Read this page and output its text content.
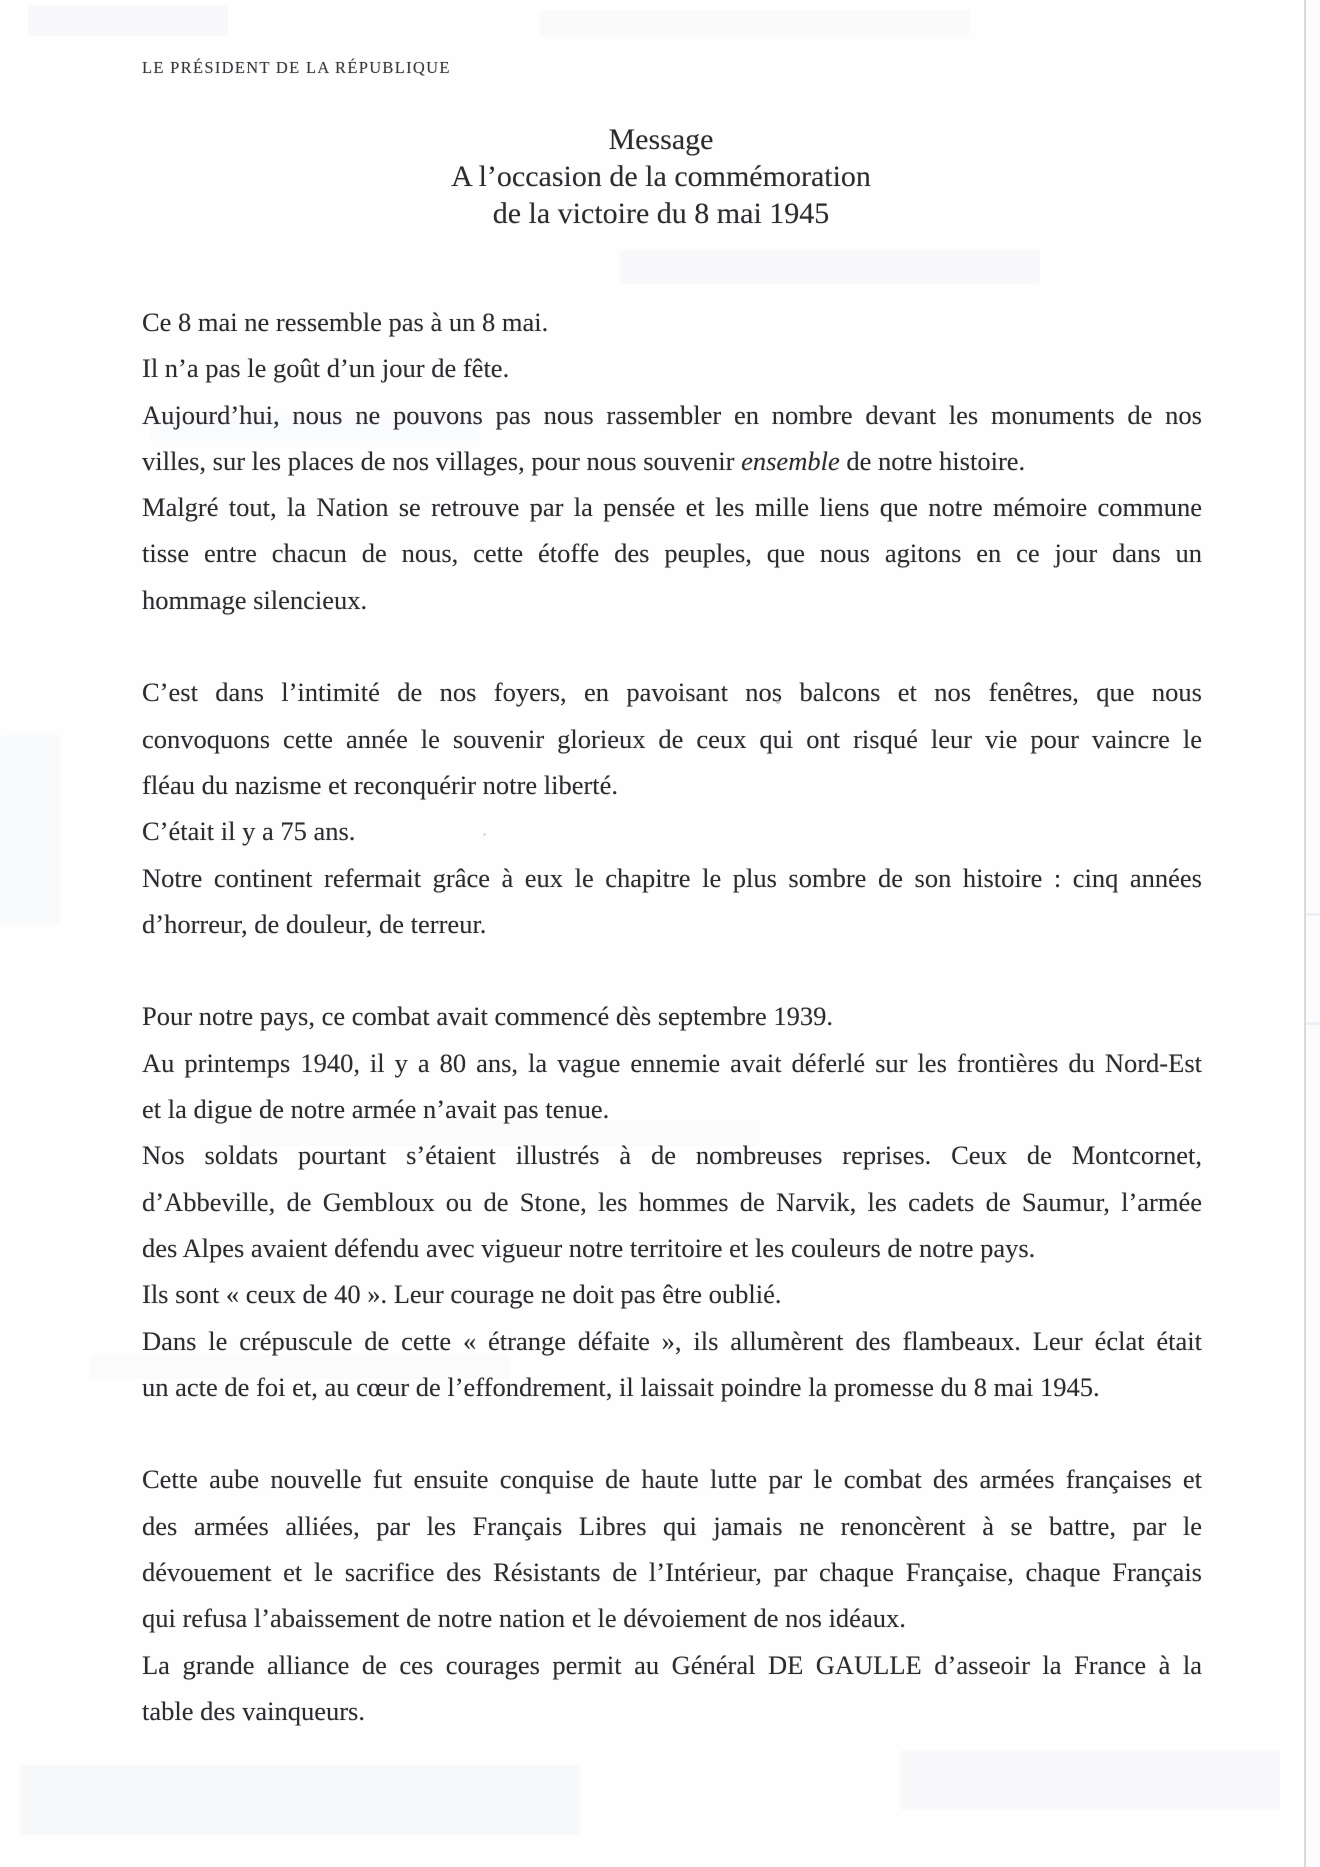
LE PRÉSIDENT DE LA RÉPUBLIQUE
Message
A l’occasion de la commémoration
de la victoire du 8 mai 1945
Ce 8 mai ne ressemble pas à un 8 mai.
Il n’a pas le goût d’un jour de fête.
Aujourd’hui, nous ne pouvons pas nous rassembler en nombre devant les monuments de nos
villes, sur les places de nos villages, pour nous souvenir ensemble de notre histoire.
Malgré tout, la Nation se retrouve par la pensée et les mille liens que notre mémoire commune
tisse entre chacun de nous, cette étoffe des peuples, que nous agitons en ce jour dans un
hommage silencieux.
C’est dans l’intimité de nos foyers, en pavoisant nos balcons et nos fenêtres, que nous
convoquons cette année le souvenir glorieux de ceux qui ont risqué leur vie pour vaincre le
fléau du nazisme et reconquérir notre liberté.
C’était il y a 75 ans.
Notre continent refermait grâce à eux le chapitre le plus sombre de son histoire : cinq années
d’horreur, de douleur, de terreur.
Pour notre pays, ce combat avait commencé dès septembre 1939.
Au printemps 1940, il y a 80 ans, la vague ennemie avait déferlé sur les frontières du Nord-Est
et la digue de notre armée n’avait pas tenue.
Nos soldats pourtant s’étaient illustrés à de nombreuses reprises. Ceux de Montcornet,
d’Abbeville, de Gembloux ou de Stone, les hommes de Narvik, les cadets de Saumur, l’armée
des Alpes avaient défendu avec vigueur notre territoire et les couleurs de notre pays.
Ils sont « ceux de 40 ». Leur courage ne doit pas être oublié.
Dans le crépuscule de cette « étrange défaite », ils allumèrent des flambeaux. Leur éclat était
un acte de foi et, au cœur de l’effondrement, il laissait poindre la promesse du 8 mai 1945.
Cette aube nouvelle fut ensuite conquise de haute lutte par le combat des armées françaises et
des armées alliées, par les Français Libres qui jamais ne renoncèrent à se battre, par le
dévouement et le sacrifice des Résistants de l’Intérieur, par chaque Française, chaque Français
qui refusa l’abaissement de notre nation et le dévoiement de nos idéaux.
La grande alliance de ces courages permit au Général DE GAULLE d’asseoir la France à la
table des vainqueurs.
